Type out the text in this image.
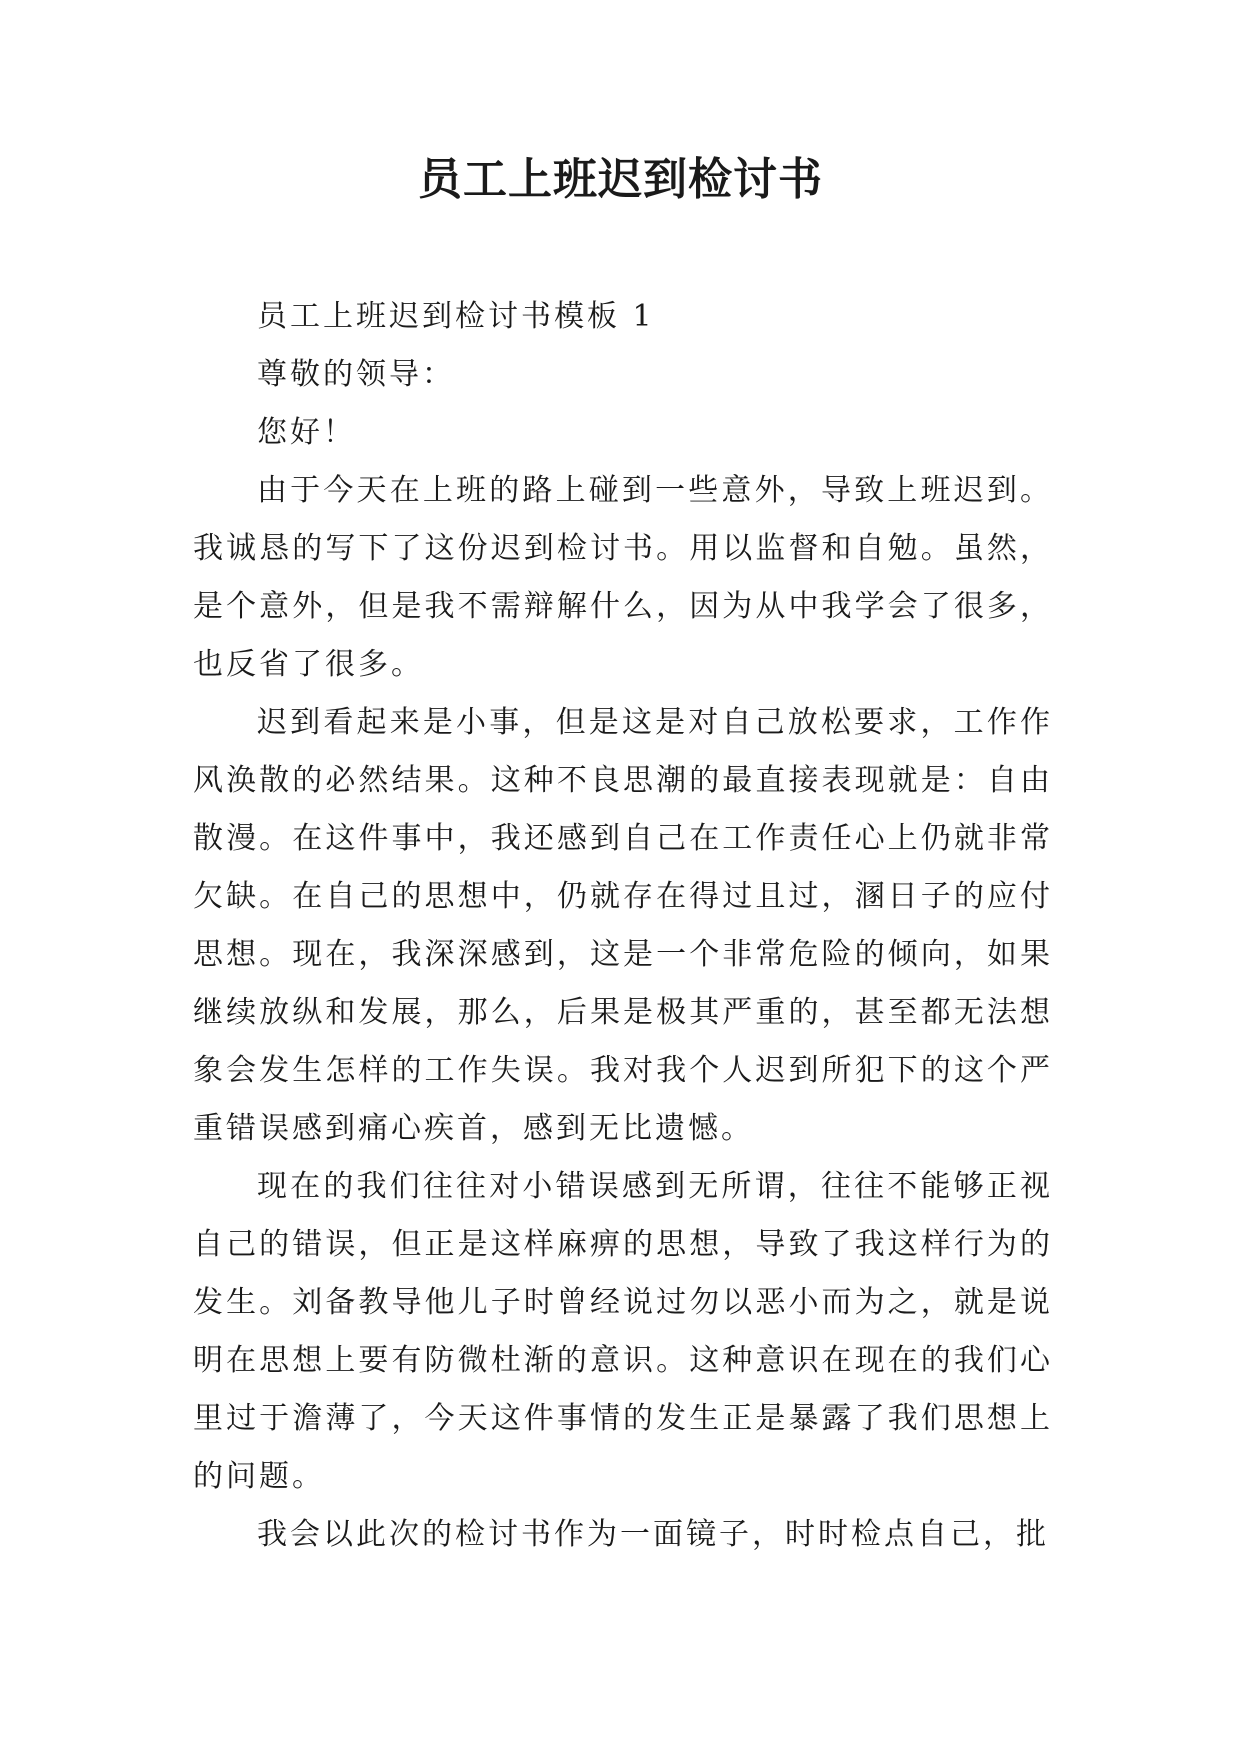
员工上班迟到检讨书

员工上班迟到检讨书模板 1

尊敬的领导：

您好！

由于今天在上班的路上碰到一些意外，导致上班迟到。我诚恳的写下了这份迟到检讨书。用以监督和自勉。虽然，是个意外，但是我不需辩解什么，因为从中我学会了很多，也反省了很多。

迟到看起来是小事，但是这是对自己放松要求，工作作风涣散的必然结果。这种不良思潮的最直接表现就是：自由散漫。在这件事中，我还感到自己在工作责任心上仍就非常欠缺。在自己的思想中，仍就存在得过且过，溷日子的应付思想。现在，我深深感到，这是一个非常危险的倾向，如果继续放纵和发展，那么，后果是极其严重的，甚至都无法想象会发生怎样的工作失误。我对我个人迟到所犯下的这个严重错误感到痛心疾首，感到无比遗憾。

现在的我们往往对小错误感到无所谓，往往不能够正视自己的错误，但正是这样麻痹的思想，导致了我这样行为的发生。刘备教导他儿子时曾经说过勿以恶小而为之，就是说明在思想上要有防微杜渐的意识。这种意识在现在的我们心里过于澹薄了，今天这件事情的发生正是暴露了我们思想上的问题。

我会以此次的检讨书作为一面镜子，时时检点自己，批
